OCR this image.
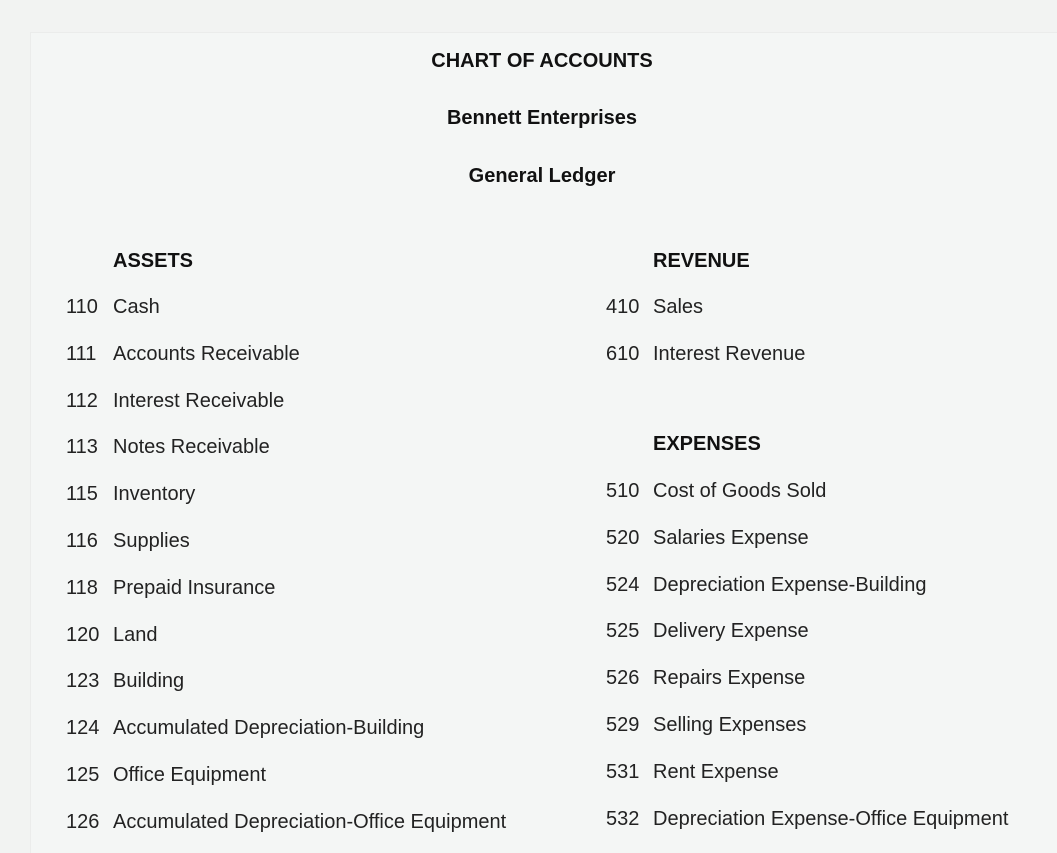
CHART OF ACCOUNTS
Bennett Enterprises
General Ledger
ASSETS
110 Cash
111 Accounts Receivable
112 Interest Receivable
113 Notes Receivable
115 Inventory
116 Supplies
118 Prepaid Insurance
120 Land
123 Building
124 Accumulated Depreciation-Building
125 Office Equipment
126 Accumulated Depreciation-Office Equipment
REVENUE
410 Sales
610 Interest Revenue
EXPENSES
510 Cost of Goods Sold
520 Salaries Expense
524 Depreciation Expense-Building
525 Delivery Expense
526 Repairs Expense
529 Selling Expenses
531 Rent Expense
532 Depreciation Expense-Office Equipment
